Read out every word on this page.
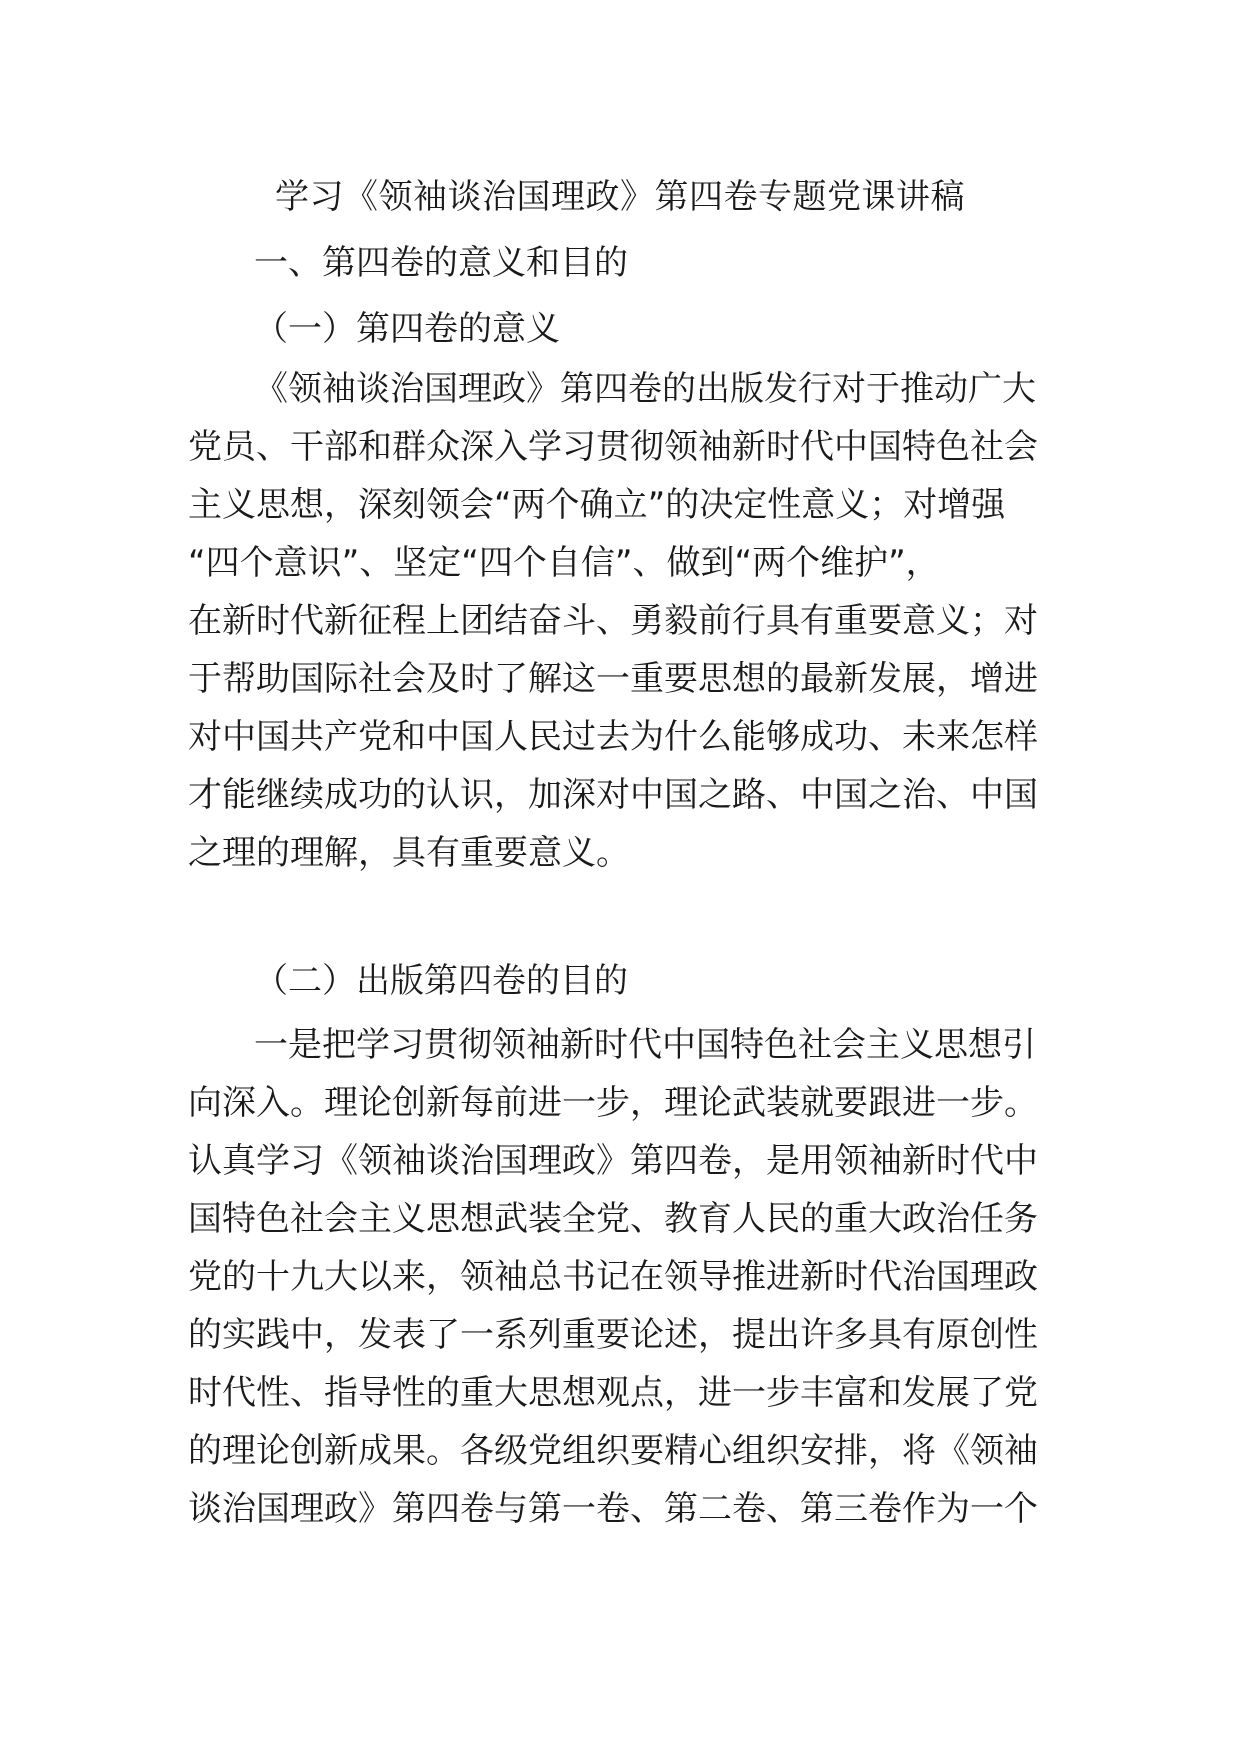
学习《领袖谈治国理政》第四卷专题党课讲稿
一、第四卷的意义和目的
（一）第四卷的意义
《领袖谈治国理政》第四卷的出版发行对于推动广大
党员、干部和群众深入学习贯彻领袖新时代中国特色社会
主义思想，深刻领会“两个确立”的决定性意义；对增强
“四个意识”、坚定“四个自信”、做到“两个维护”，
在新时代新征程上团结奋斗、勇毅前行具有重要意义；对
于帮助国际社会及时了解这一重要思想的最新发展，增进
对中国共产党和中国人民过去为什么能够成功、未来怎样
才能继续成功的认识，加深对中国之路、中国之治、中国
之理的理解，具有重要意义。
（二）出版第四卷的目的
一是把学习贯彻领袖新时代中国特色社会主义思想引
向深入。理论创新每前进一步，理论武装就要跟进一步。
认真学习《领袖谈治国理政》第四卷，是用领袖新时代中
国特色社会主义思想武装全党、教育人民的重大政治任务
党的十九大以来，领袖总书记在领导推进新时代治国理政
的实践中，发表了一系列重要论述，提出许多具有原创性
时代性、指导性的重大思想观点，进一步丰富和发展了党
的理论创新成果。各级党组织要精心组织安排，将《领袖
谈治国理政》第四卷与第一卷、第二卷、第三卷作为一个
